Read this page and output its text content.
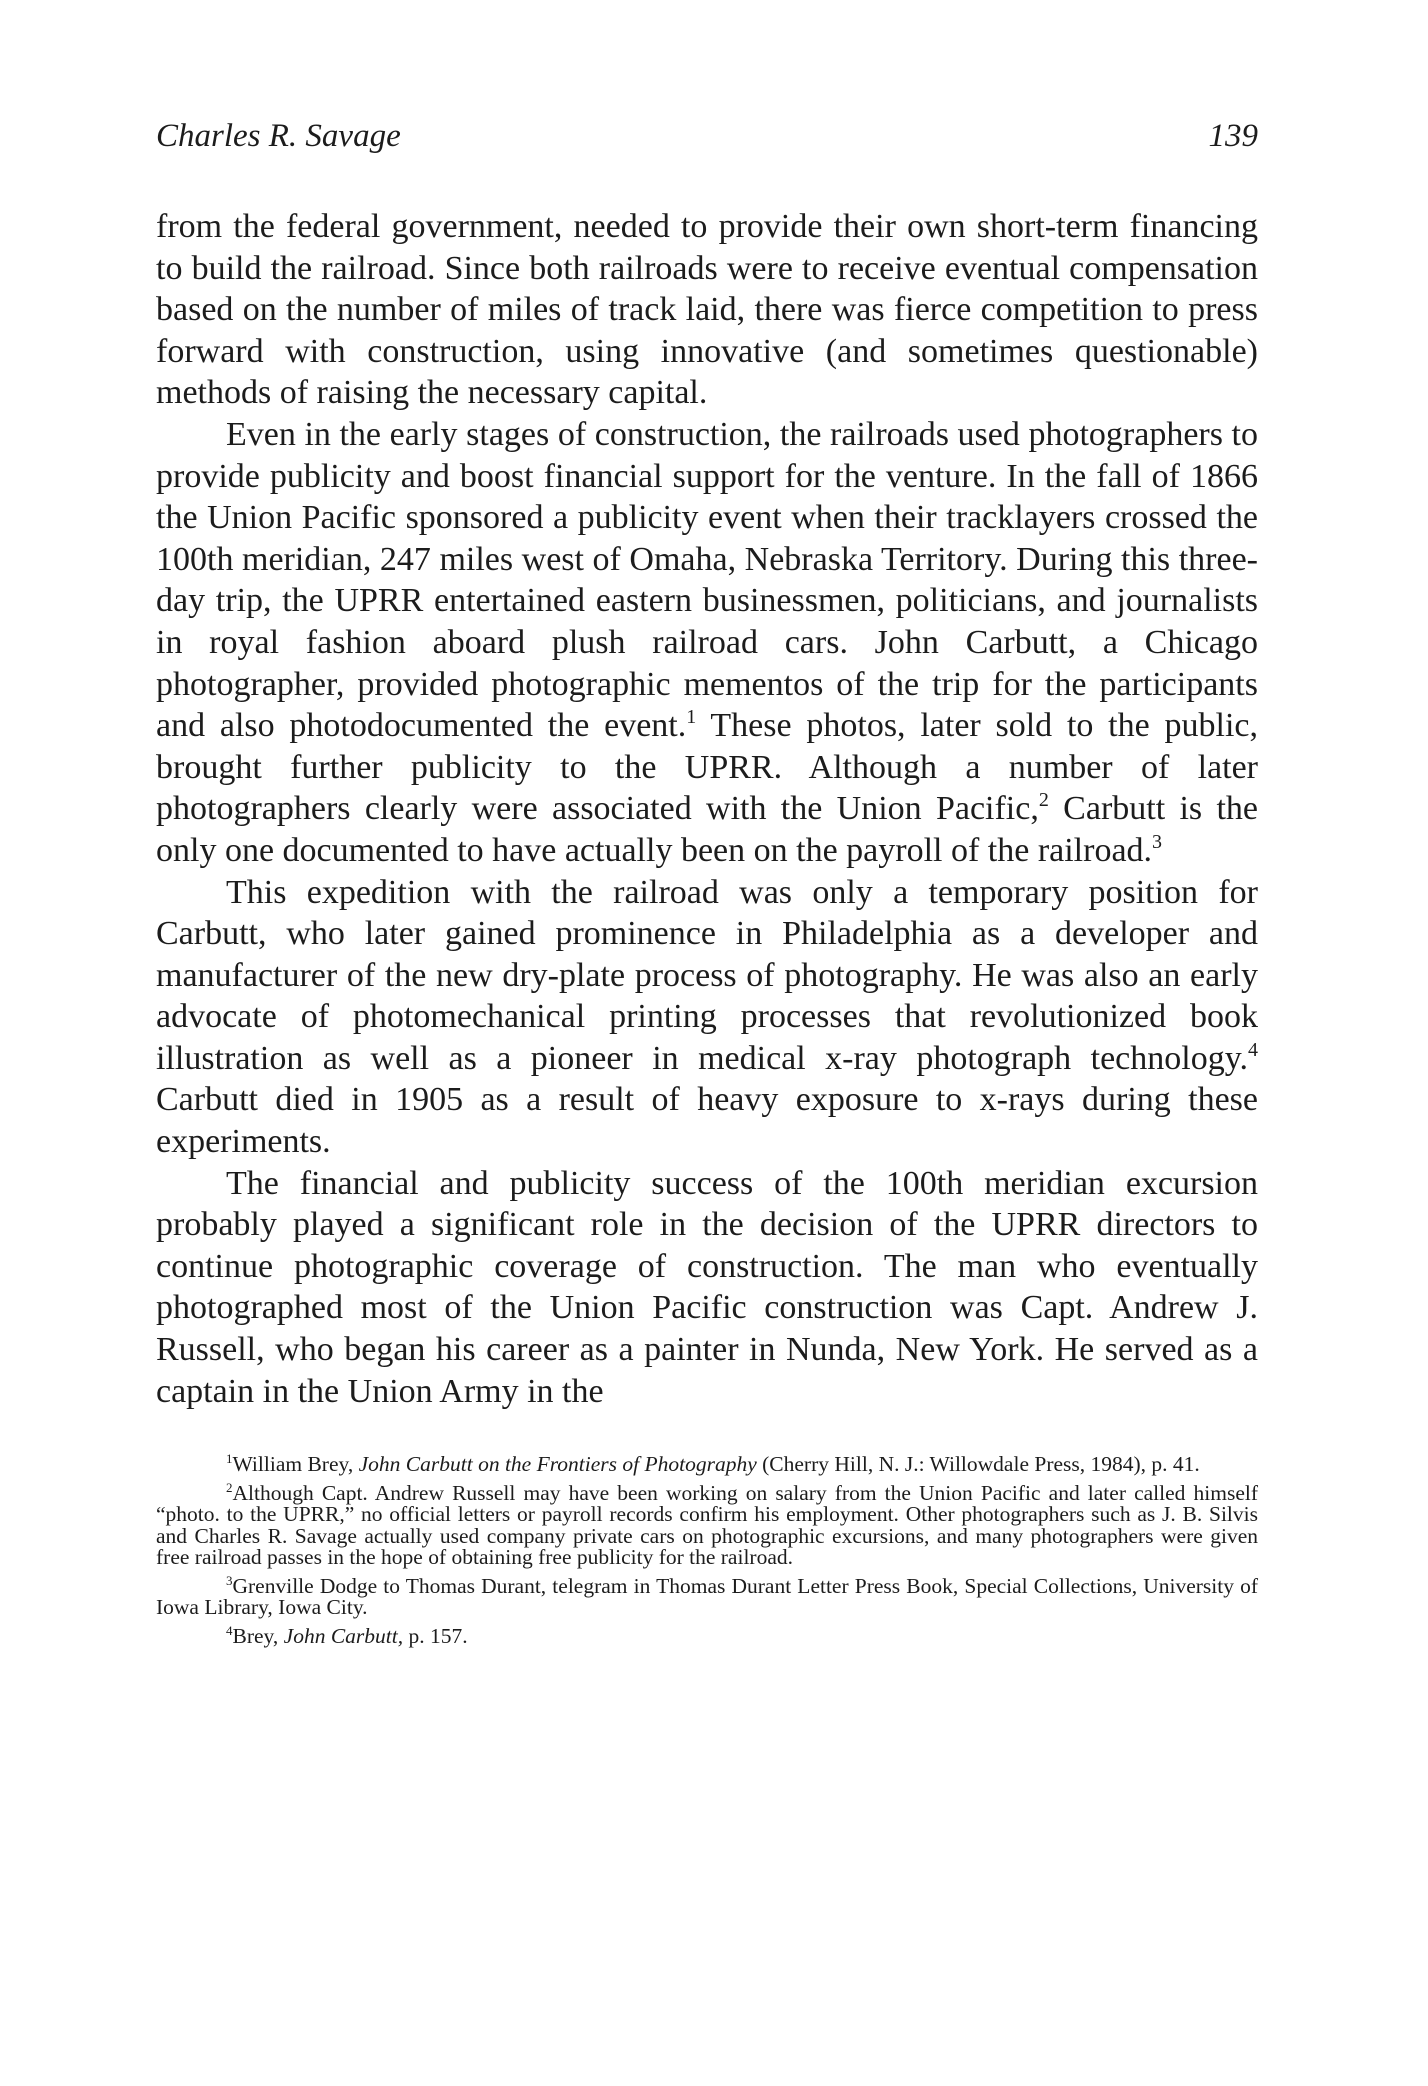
Charles R. Savage	139

from the federal government, needed to provide their own short-term financing to build the railroad. Since both railroads were to receive eventual compensation based on the number of miles of track laid, there was fierce competition to press forward with construction, using innovative (and sometimes questionable) methods of raising the necessary capital.

Even in the early stages of construction, the railroads used photographers to provide publicity and boost financial support for the venture. In the fall of 1866 the Union Pacific sponsored a publicity event when their tracklayers crossed the 100th meridian, 247 miles west of Omaha, Nebraska Territory. During this three-day trip, the UPRR entertained eastern businessmen, politicians, and journalists in royal fashion aboard plush railroad cars. John Carbutt, a Chicago photographer, provided photographic mementos of the trip for the participants and also photodocumented the event.$^1$ These photos, later sold to the public, brought further publicity to the UPRR. Although a number of later photographers clearly were associated with the Union Pacific,$^2$ Carbutt is the only one documented to have actually been on the payroll of the railroad.$^3$

This expedition with the railroad was only a temporary position for Carbutt, who later gained prominence in Philadelphia as a developer and manufacturer of the new dry-plate process of photography. He was also an early advocate of photomechanical printing processes that revolutionized book illustration as well as a pioneer in medical x-ray photograph technology.$^4$ Carbutt died in 1905 as a result of heavy exposure to x-rays during these experiments.

The financial and publicity success of the 100th meridian excursion probably played a significant role in the decision of the UPRR directors to continue photographic coverage of construction. The man who eventually photographed most of the Union Pacific construction was Capt. Andrew J. Russell, who began his career as a painter in Nunda, New York. He served as a captain in the Union Army in the

$^1$William Brey, John Carbutt on the Frontiers of Photography (Cherry Hill, N. J.: Willowdale Press, 1984), p. 41.

$^2$Although Capt. Andrew Russell may have been working on salary from the Union Pacific and later called himself “photo. to the UPRR,” no official letters or payroll records confirm his employment. Other photographers such as J. B. Silvis and Charles R. Savage actually used company private cars on photographic excursions, and many photographers were given free railroad passes in the hope of obtaining free publicity for the railroad.

$^3$Grenville Dodge to Thomas Durant, telegram in Thomas Durant Letter Press Book, Special Collections, University of Iowa Library, Iowa City.

$^4$Brey, John Carbutt, p. 157.
